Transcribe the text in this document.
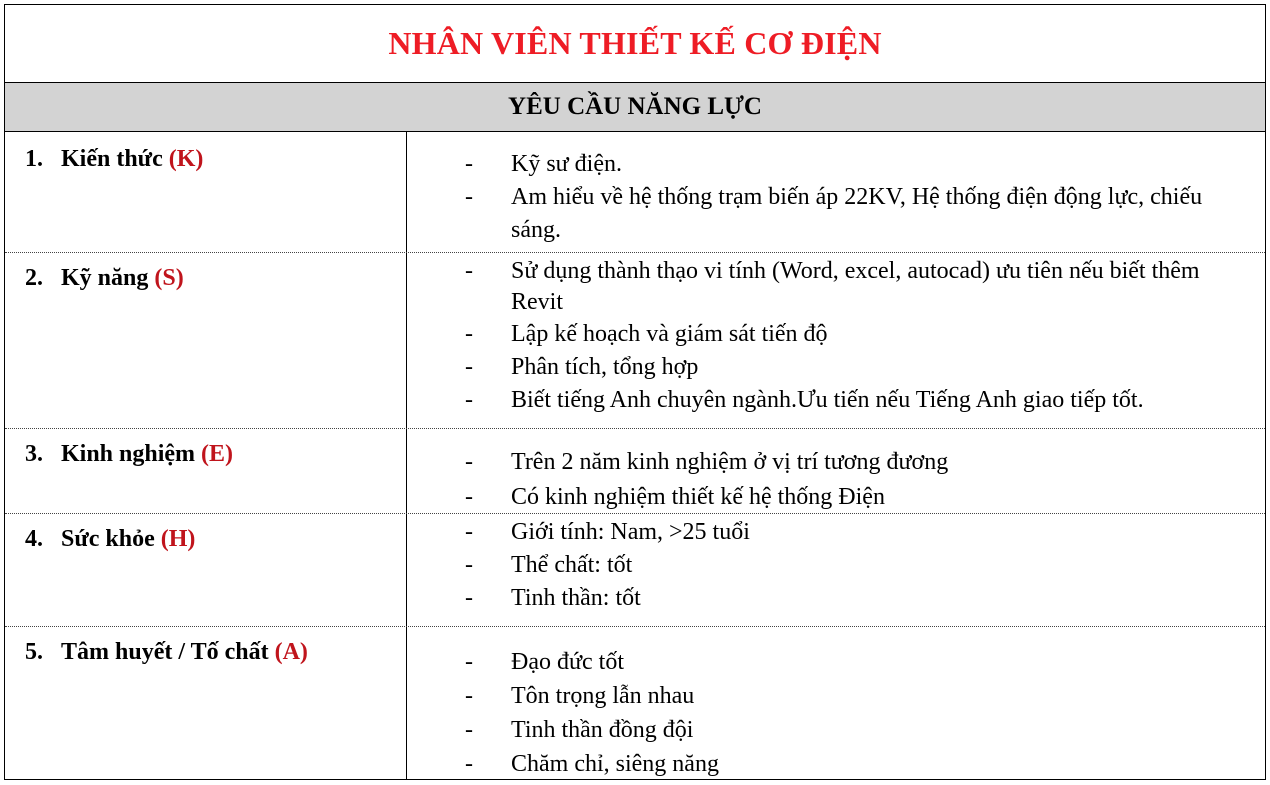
NHÂN VIÊN THIẾT KẾ CƠ ĐIỆN
YÊU CẦU NĂNG LỰC
1. Kiến thức (K)	- Kỹ sư điện.
- Am hiểu về hệ thống trạm biến áp 22KV, Hệ thống điện động lực, chiếu sáng.
2. Kỹ năng (S)	- Sử dụng thành thạo vi tính (Word, excel, autocad) ưu tiên nếu biết thêm Revit
- Lập kế hoạch và giám sát tiến độ
- Phân tích, tổng hợp
- Biết tiếng Anh chuyên ngành.Ưu tiến nếu Tiếng Anh giao tiếp tốt.
3. Kinh nghiệm (E)	- Trên 2 năm kinh nghiệm ở vị trí tương đương
- Có kinh nghiệm thiết kế hệ thống Điện
4. Sức khỏe (H)	- Giới tính: Nam, >25 tuổi
- Thể chất: tốt
- Tinh thần: tốt
5. Tâm huyết / Tố chất (A)	- Đạo đức tốt
- Tôn trọng lẫn nhau
- Tinh thần đồng đội
- Chăm chỉ, siêng năng
